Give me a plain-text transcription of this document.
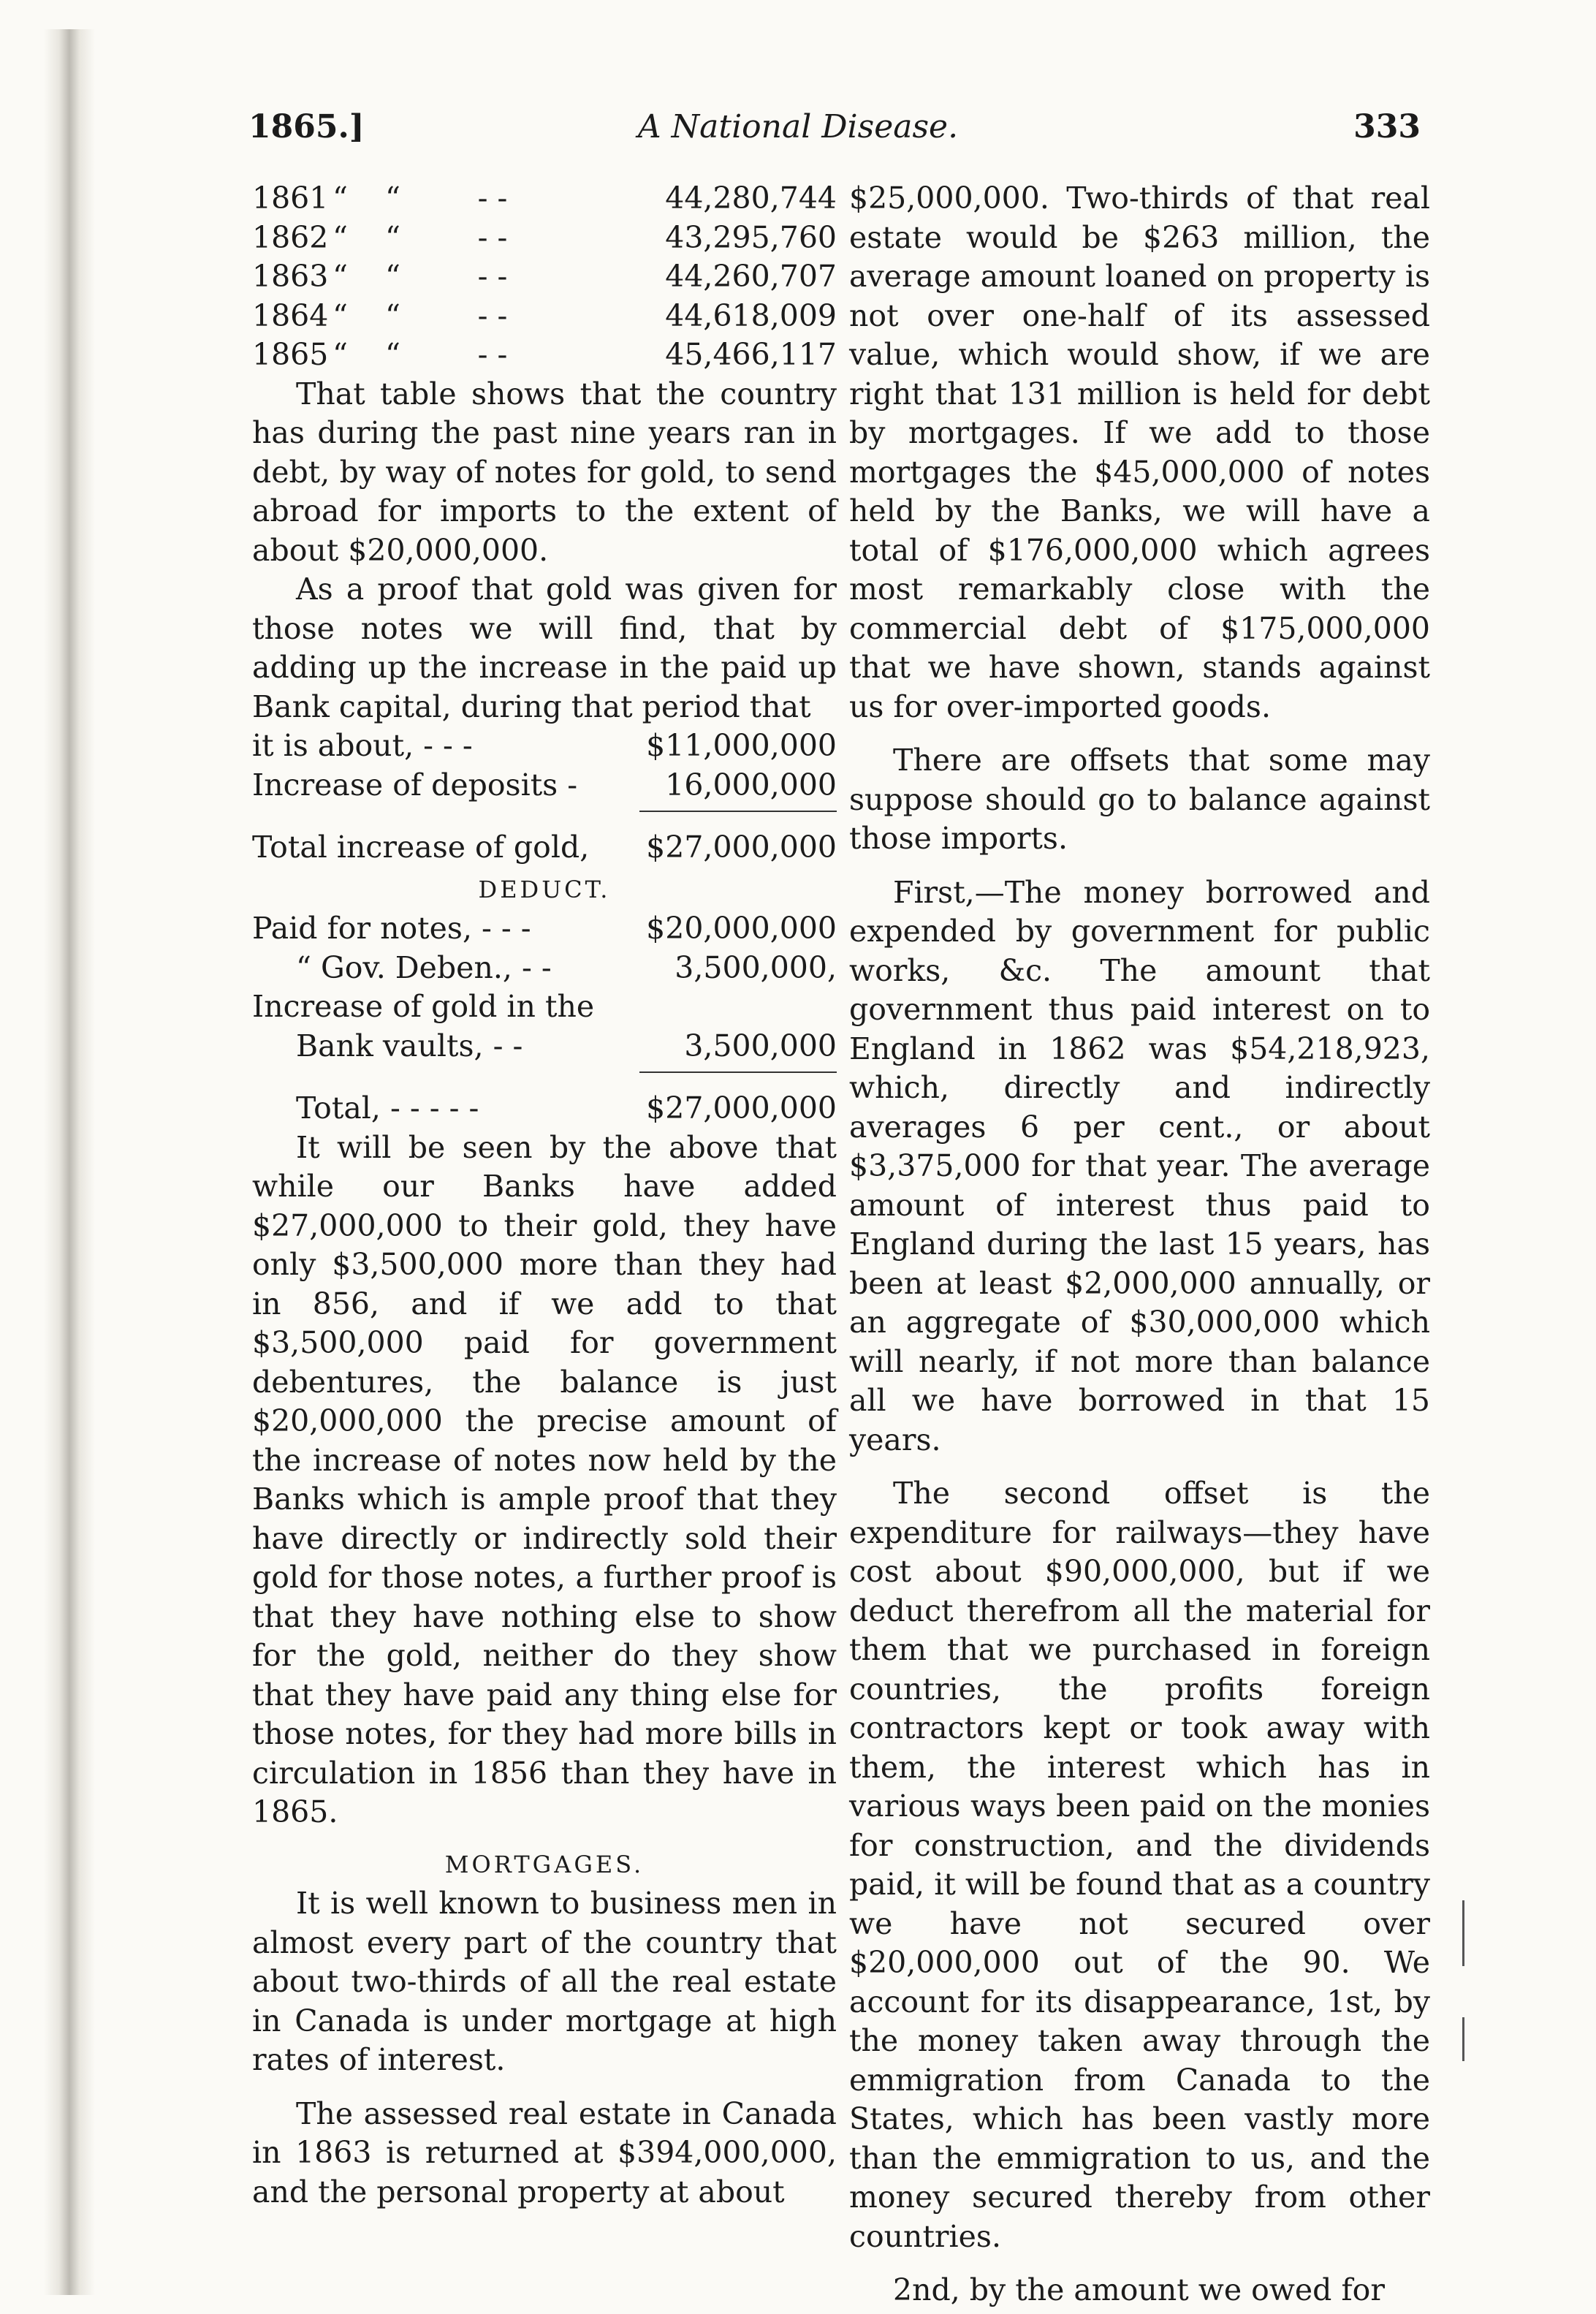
1865.]	A National Disease.	333
1861 “ “	- -	44,280,744
1862 “ “	- -	43,295,760
1863 “ “	- -	44,260,707
1864 “ “	- -	44,618,009
1865 “ “	- -	45,466,117

That table shows that the country has during the past nine years ran in debt, by way of notes for gold, to send abroad for imports to the extent of about $20,000,000.

As a proof that gold was given for those notes we will find, that by adding up the increase in the paid up Bank capital, during that period that

it is about, - - -	$11,000,000
Increase of deposits -	16,000,000
Total increase of gold, $27,000,000
DEDUCT.
Paid for notes, - - -	$20,000,000
“ Gov. Deben., - -	3,500,000,
Increase of gold in the
Bank vaults, - -	3,500,000
Total, - - - - -	$27,000,000

It will be seen by the above that while our Banks have added $27,000,000 to their gold, they have only $3,500,000 more than they had in 856, and if we add to that $3,500,000 paid for government debentures, the balance is just $20,000,000 the precise amount of the increase of notes now held by the Banks which is ample proof that they have directly or indirectly sold their gold for those notes, a further proof is that they have nothing else to show for the gold, neither do they show that they have paid any thing else for those notes, for they had more bills in circulation in 1856 than they have in 1865.

MORTGAGES.

It is well known to business men in almost every part of the country that about two-thirds of all the real estate in Canada is under mortgage at high rates of interest.

The assessed real estate in Canada in 1863 is returned at $394,000,000, and the personal property at about

$25,000,000. Two-thirds of that real estate would be $263 million, the average amount loaned on property is not over one-half of its assessed value, which would show, if we are right that 131 million is held for debt by mortgages. If we add to those mortgages the $45,000,000 of notes held by the Banks, we will have a total of $176,000,000 which agrees most remarkably close with the commercial debt of $175,000,000 that we have shown, stands against us for over-imported goods.

There are offsets that some may suppose should go to balance against those imports.

First,—The money borrowed and expended by government for public works, &c. The amount that government thus paid interest on to England in 1862 was $54,218,923, which, directly and indirectly averages 6 per cent., or about $3,375,000 for that year. The average amount of interest thus paid to England during the last 15 years, has been at least $2,000,000 annually, or an aggregate of $30,000,000 which will nearly, if not more than balance all we have borrowed in that 15 years.

The second offset is the expenditure for railways—they have cost about $90,000,000, but if we deduct therefrom all the material for them that we purchased in foreign countries, the profits foreign contractors kept or took away with them, the interest which has in various ways been paid on the monies for construction, and the dividends paid, it will be found that as a country we have not secured over $20,000,000 out of the 90. We account for its disappearance, 1st, by the money taken away through the emmigration from Canada to the States, which has been vastly more than the emmigration to us, and the money secured thereby from other countries.

2nd, by the amount we owed for
